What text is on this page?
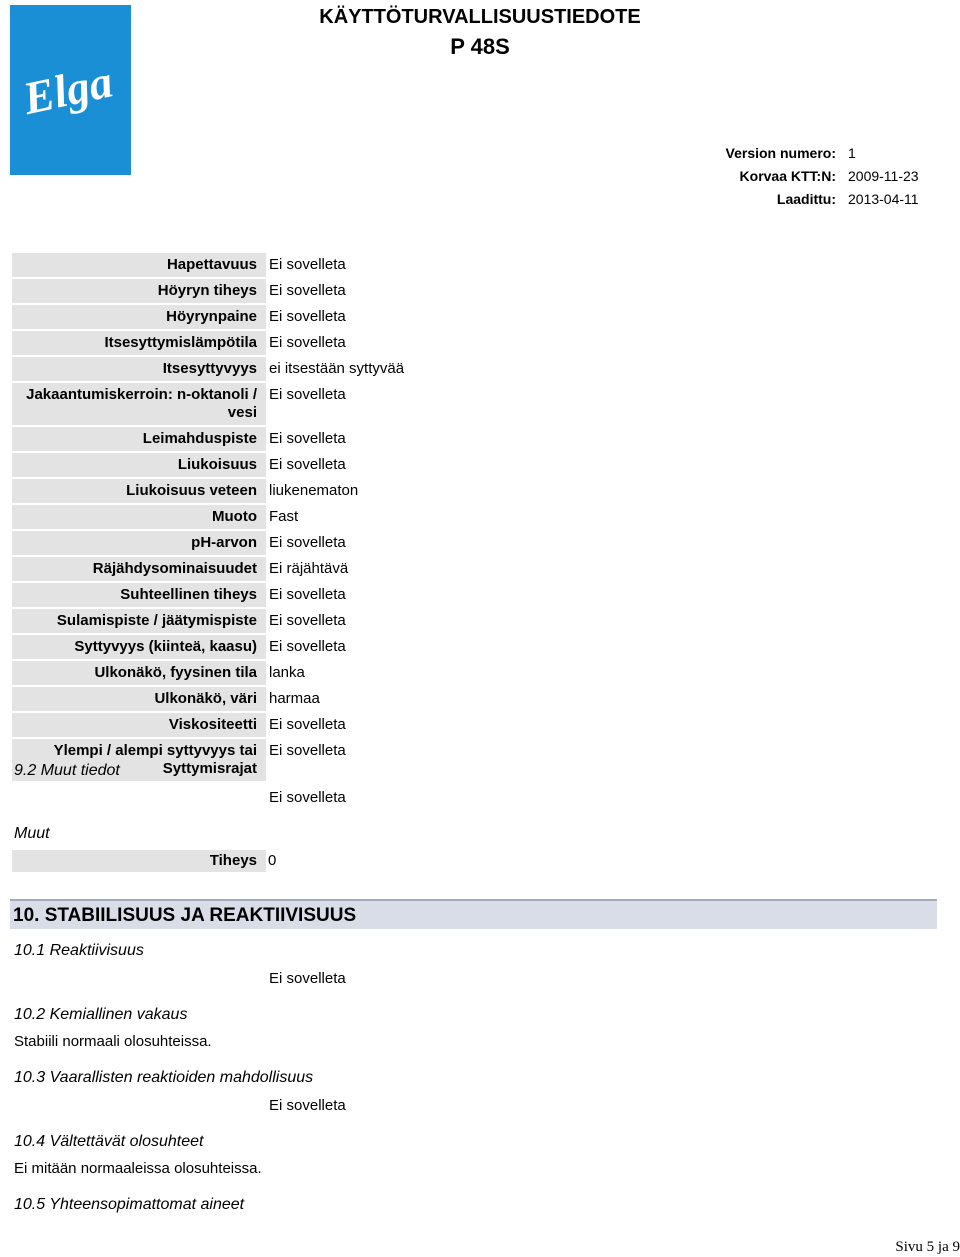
Elga
KÄYTTÖTURVALLISUUSTIEDOTE
P 48S
Version numero: 1
Korvaa KTT:N: 2009-11-23
Laadittu: 2013-04-11
Hapettavuus Ei sovelleta
Höyryn tiheys Ei sovelleta
Höyrynpaine Ei sovelleta
Itsesyttymislämpötila Ei sovelleta
Itsesyttyvyys ei itsestään syttyvää
Jakaantumiskerroin: n-oktanoli / vesi
Ei sovelleta
Leimahduspiste Ei sovelleta
Liukoisuus Ei sovelleta
Liukoisuus veteen liukenematon
Muoto Fast
pH-arvon Ei sovelleta
Räjähdysominaisuudet Ei räjähtävä
Suhteellinen tiheys Ei sovelleta
Sulamispiste / jäätymispiste Ei sovelleta
Syttyvyys (kiinteä, kaasu) Ei sovelleta
Ulkonäkö, fyysinen tila lanka
Ulkonäkö, väri harmaa
Viskositeetti Ei sovelleta
Ylempi / alempi syttyvyys tai Syttymisrajat
Ei sovelleta
9.2 Muut tiedot
Ei sovelleta
Muut
Tiheys 0
10. STABIILISUUS JA REAKTIIVISUUS
10.1 Reaktiivisuus
Ei sovelleta
10.2 Kemiallinen vakaus
Stabiili normaali olosuhteissa.
10.3 Vaarallisten reaktioiden mahdollisuus
Ei sovelleta
10.4 Vältettävät olosuhteet
Ei mitään normaaleissa olosuhteissa.
10.5 Yhteensopimattomat aineet
Sivu 5 ja 9
